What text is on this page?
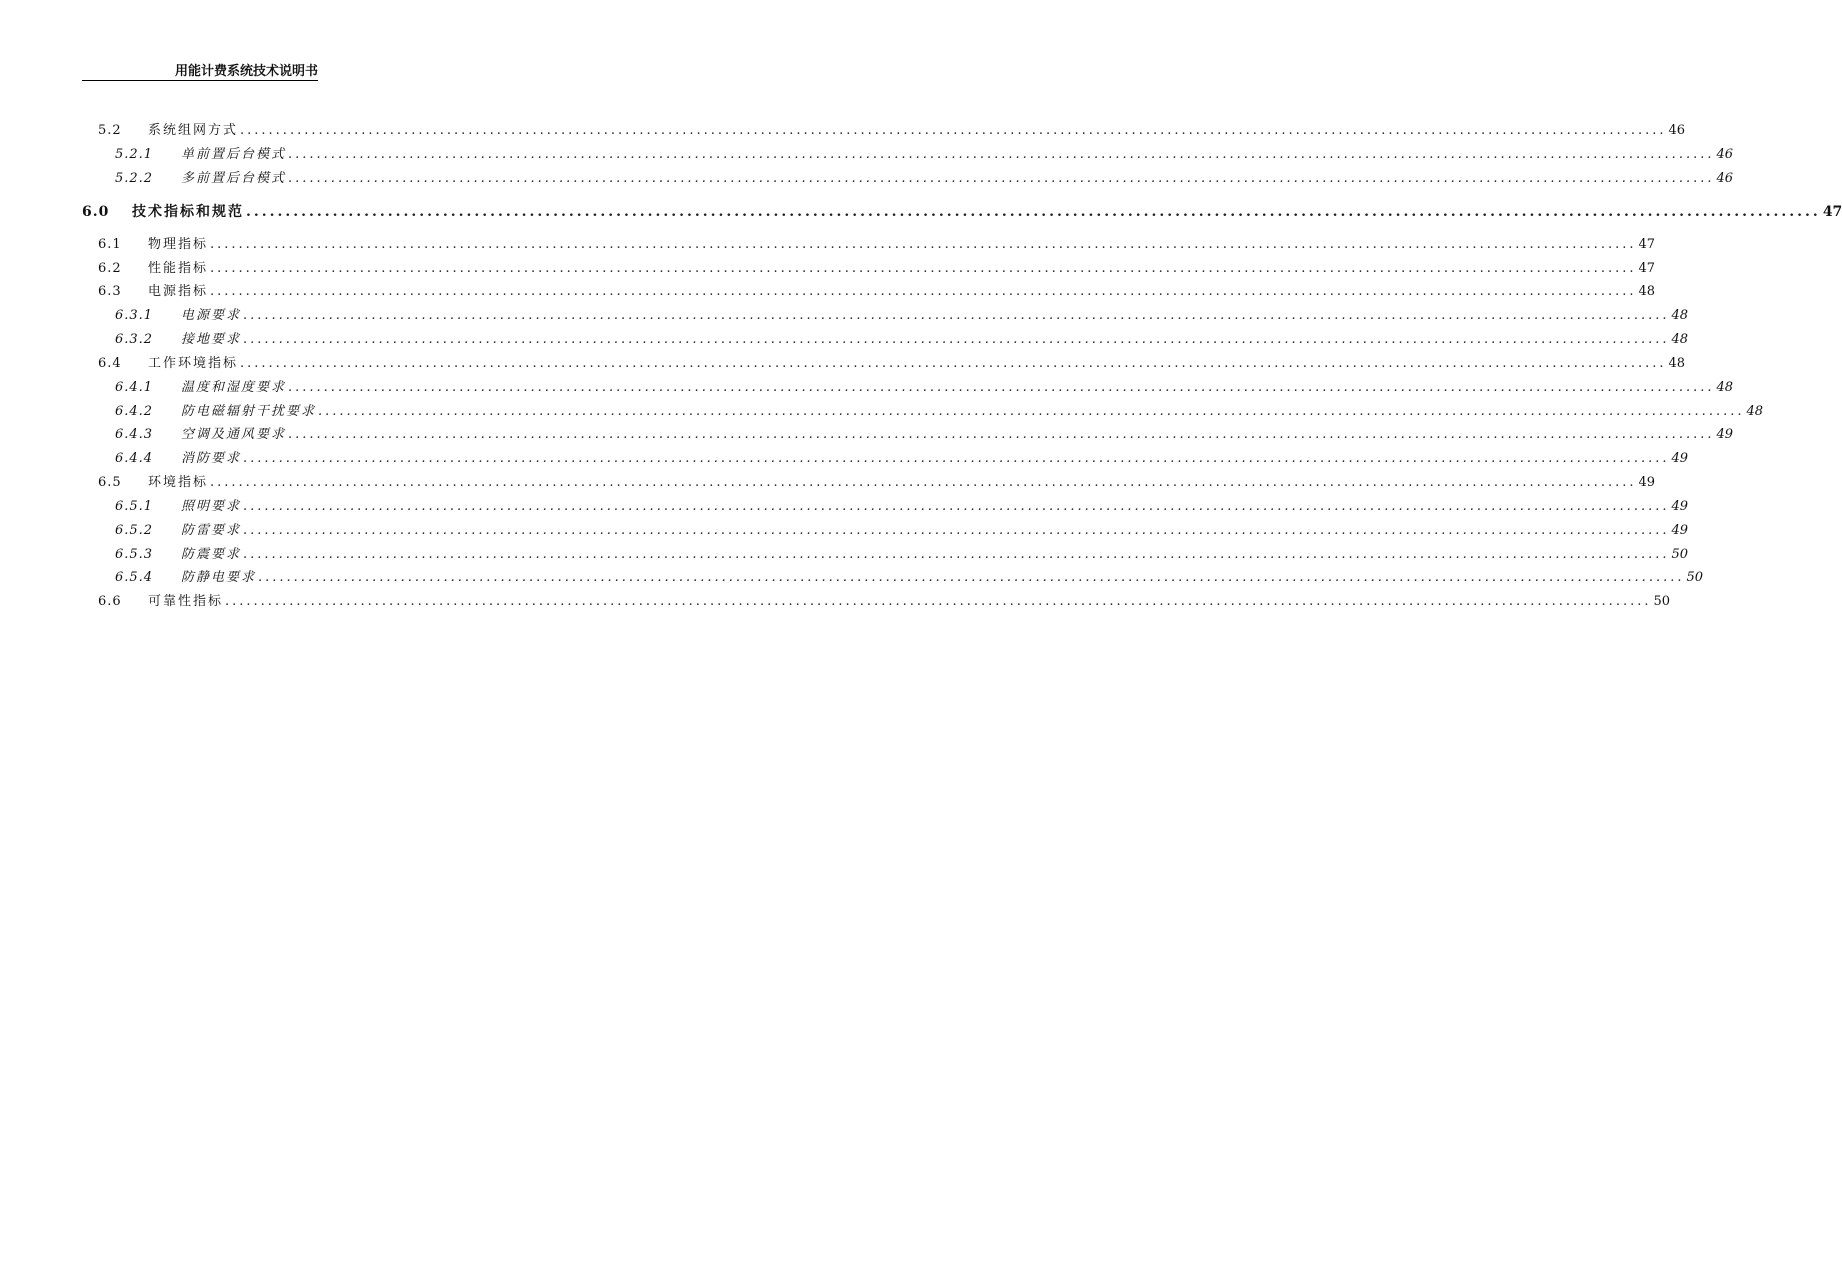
用能计费系统技术说明书
5.2 系统组网方式 ........................................................................................................................................................................................................ 46
5.2.1 单前置后台模式 ........................................................................................................................................................................................................ 46
5.2.2 多前置后台模式 ........................................................................................................................................................................................................ 46
6.0 技术指标和规范 ........................................................................................................................................................................................................ 47
6.1 物理指标 ........................................................................................................................................................................................................ 47
6.2 性能指标 ........................................................................................................................................................................................................ 47
6.3 电源指标 ........................................................................................................................................................................................................ 48
6.3.1 电源要求 ........................................................................................................................................................................................................ 48
6.3.2 接地要求 ........................................................................................................................................................................................................ 48
6.4 工作环境指标 ........................................................................................................................................................................................................ 48
6.4.1 温度和湿度要求 ........................................................................................................................................................................................................ 48
6.4.2 防电磁辐射干扰要求 ........................................................................................................................................................................................................ 48
6.4.3 空调及通风要求 ........................................................................................................................................................................................................ 49
6.4.4 消防要求 ........................................................................................................................................................................................................ 49
6.5 环境指标 ........................................................................................................................................................................................................ 49
6.5.1 照明要求 ........................................................................................................................................................................................................ 49
6.5.2 防雷要求 ........................................................................................................................................................................................................ 49
6.5.3 防震要求 ........................................................................................................................................................................................................ 50
6.5.4 防静电要求 ........................................................................................................................................................................................................ 50
6.6 可靠性指标 ........................................................................................................................................................................................................ 50
